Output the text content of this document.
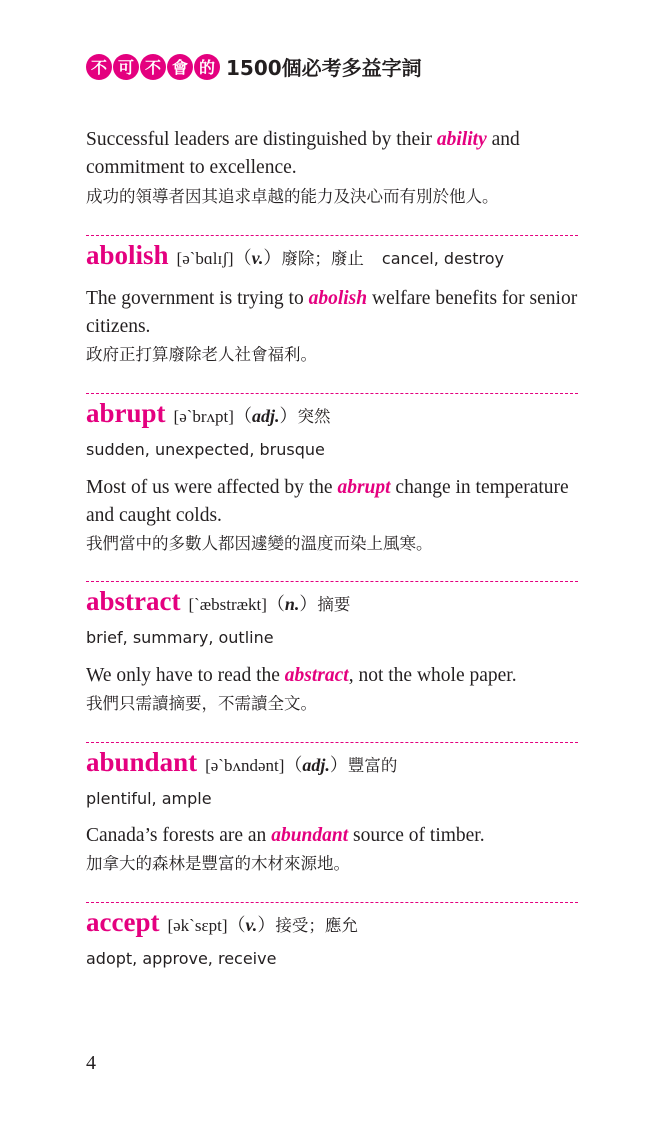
不 可 不 會 的 1500個必考多益字詞

Successful leaders are distinguished by their ability and commitment to excellence.

成功的領導者因其追求卓越的能力及決心而有別於他人。

abolish [ə`bɑlɪʃ]（v.）廢除；廢止 cancel, destroy

The government is trying to abolish welfare benefits for senior citizens.

政府正打算廢除老人社會福利。

abrupt [ə`brʌpt]（adj.）突然
sudden, unexpected, brusque

Most of us were affected by the abrupt change in temperature and caught colds.

我們當中的多數人都因遽變的溫度而染上風寒。

abstract [`æbstrækt]（n.）摘要
brief, summary, outline

We only have to read the abstract, not the whole paper.

我們只需讀摘要，不需讀全文。

abundant [ə`bʌndənt]（adj.）豐富的
plentiful, ample

Canada’s forests are an abundant source of timber.

加拿大的森林是豐富的木材來源地。

accept [ək`sɛpt]（v.）接受；應允
adopt, approve, receive
4
